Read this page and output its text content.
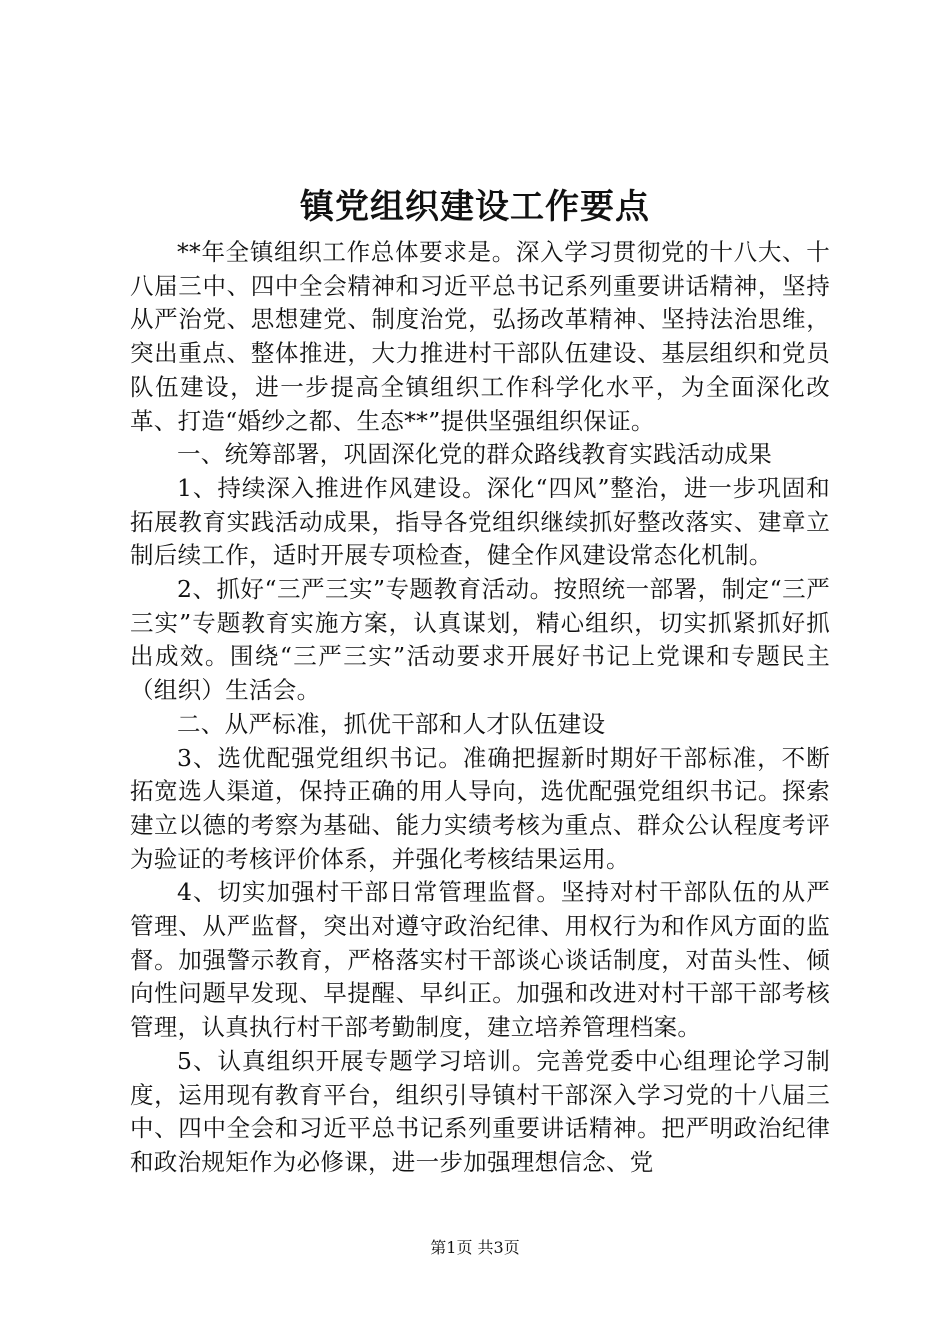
镇党组织建设工作要点

**年全镇组织工作总体要求是。深入学习贯彻党的十八大、十八届三中、四中全会精神和习近平总书记系列重要讲话精神，坚持从严治党、思想建党、制度治党，弘扬改革精神、坚持法治思维，突出重点、整体推进，大力推进村干部队伍建设、基层组织和党员队伍建设，进一步提高全镇组织工作科学化水平，为全面深化改革、打造“婚纱之都、生态**”提供坚强组织保证。

一、统筹部署，巩固深化党的群众路线教育实践活动成果

1、持续深入推进作风建设。深化“四风”整治，进一步巩固和拓展教育实践活动成果，指导各党组织继续抓好整改落实、建章立制后续工作，适时开展专项检查，健全作风建设常态化机制。

2、抓好“三严三实”专题教育活动。按照统一部署，制定“三严三实”专题教育实施方案，认真谋划，精心组织，切实抓紧抓好抓出成效。围绕“三严三实”活动要求开展好书记上党课和专题民主（组织）生活会。

二、从严标准，抓优干部和人才队伍建设

3、选优配强党组织书记。准确把握新时期好干部标准，不断拓宽选人渠道，保持正确的用人导向，选优配强党组织书记。探索建立以德的考察为基础、能力实绩考核为重点、群众公认程度考评为验证的考核评价体系，并强化考核结果运用。

4、切实加强村干部日常管理监督。坚持对村干部队伍的从严管理、从严监督，突出对遵守政治纪律、用权行为和作风方面的监督。加强警示教育，严格落实村干部谈心谈话制度，对苗头性、倾向性问题早发现、早提醒、早纠正。加强和改进对村干部干部考核管理，认真执行村干部考勤制度，建立培养管理档案。

5、认真组织开展专题学习培训。完善党委中心组理论学习制度，运用现有教育平台，组织引导镇村干部深入学习党的十八届三中、四中全会和习近平总书记系列重要讲话精神。把严明政治纪律和政治规矩作为必修课，进一步加强理想信念、党

第1页 共3页
